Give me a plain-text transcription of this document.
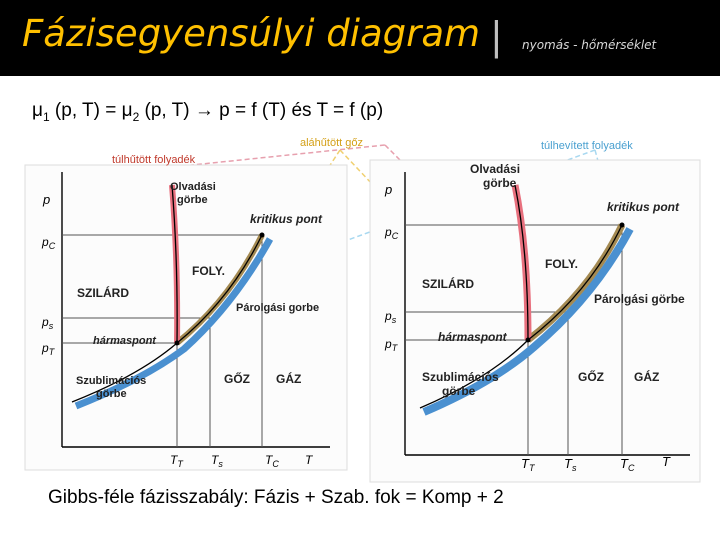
Fázisegyensúlyi diagram | nyomás - hőmérséklet
$\mu_1$ (p, $T) = \mu_2$ (p, T) → p = f (T) és T = f (p)
p
$p_C$
$p_s$
$p_T$
Olvadási
görbe
kritikus pont
FOLY.
SZILÁRD
Párolgási gorbe
hármaspont
Szublimációs
görbe
GŐZ GÁZ
$T_T$ $T_s$	$T_C$ T
p
$p_C$
$p_s$
$p_T$
Olvadási
görbe
kritikus pont
FOLY.
SZILÁRD
Párolgási görbe
hármaspont
Szublimációs
görbe
GŐZ	GÁZ
$T_T$ $T_s$	$T_C$ T
túlhűtött folyadék
aláhűtött gőz	túlhevített folyadék
Gibbs-féle fázisszabály: Fázis + Szab. fok = Komp + 2
